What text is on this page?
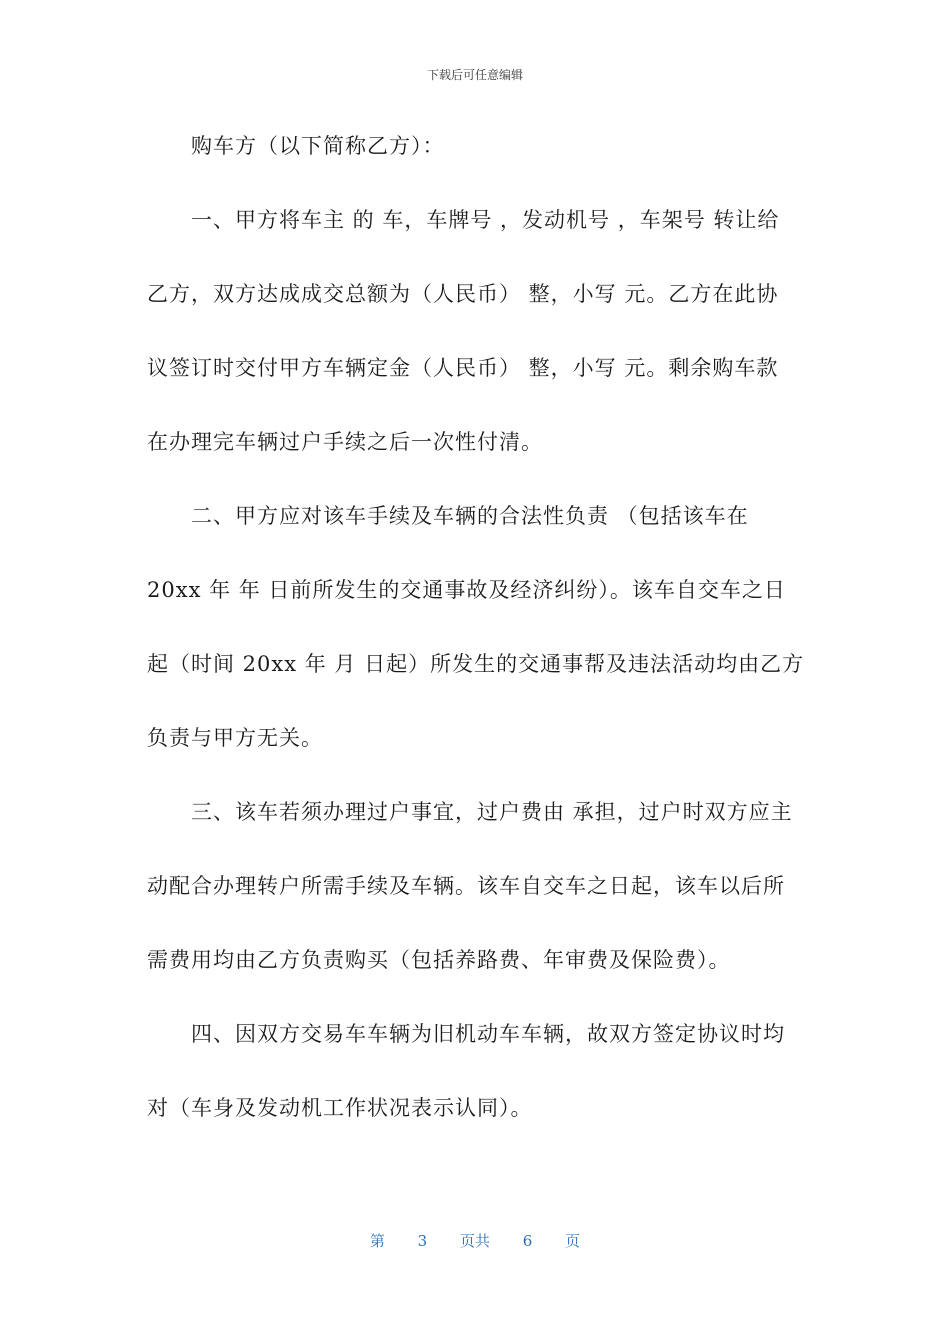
下载后可任意编辑
购车方（以下简称乙方）：
一、甲方将车主 的 车，车牌号 ，发动机号 ，车架号 转让给
乙方，双方达成成交总额为（人民币） 整，小写 元。乙方在此协
议签订时交付甲方车辆定金（人民币） 整，小写 元。剩余购车款
在办理完车辆过户手续之后一次性付清。
二、甲方应对该车手续及车辆的合法性负责 （包括该车在
20xx 年 年 日前所发生的交通事故及经济纠纷）。该车自交车之日
起（时间 20xx 年 月 日起）所发生的交通事帮及违法活动均由乙方
负责与甲方无关。
三、该车若须办理过户事宜，过户费由 承担，过户时双方应主
动配合办理转户所需手续及车辆。该车自交车之日起，该车以后所
需费用均由乙方负责购买（包括养路费、年审费及保险费）。
四、因双方交易车车辆为旧机动车车辆，故双方签定协议时均
对（车身及发动机工作状况表示认同）。
第 3 页共 6 页
